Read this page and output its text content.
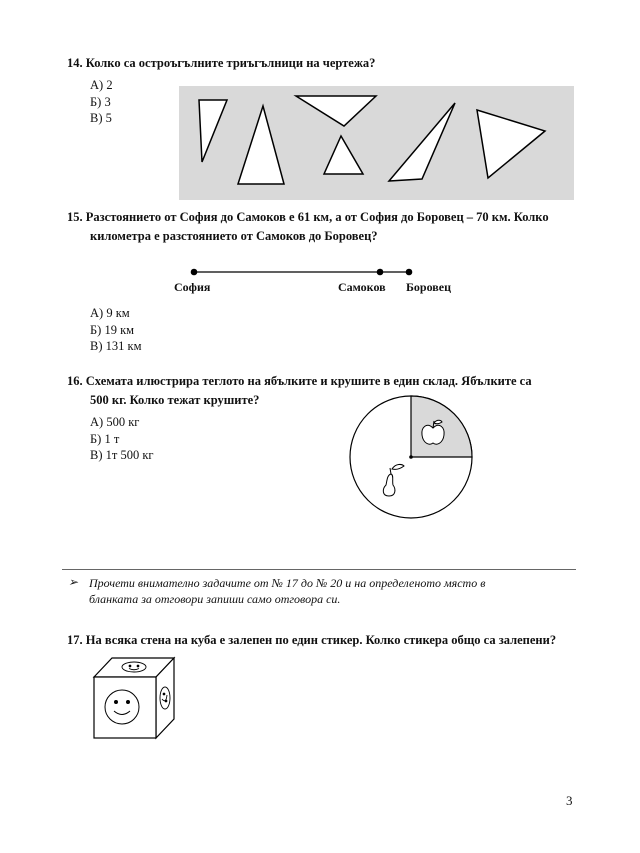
14. Колко са остроъгълните триъгълници на чертежа?
А) 2
Б) 3
В) 5
15. Разстоянието от София до Самоков е 61 км, а от София до Боровец – 70 км. Колко
километра е разстоянието от Самоков до Боровец?
София	Самоков Боровец
А) 9 км
Б) 19 км
В) 131 км
16. Схемата илюстрира теглото на ябълките и крушите в един склад. Ябълките са
500 кг. Колко тежат крушите?
А) 500 кг
Б) 1 т
В) 1т 500 кг
➢ Прочети внимателно задачите от № 17 до № 20 и на определеното място в
бланката за отговори запиши само отговора си.
17. На всяка стена на куба е залепен по един стикер. Колко стикера общо са залепени?
3
